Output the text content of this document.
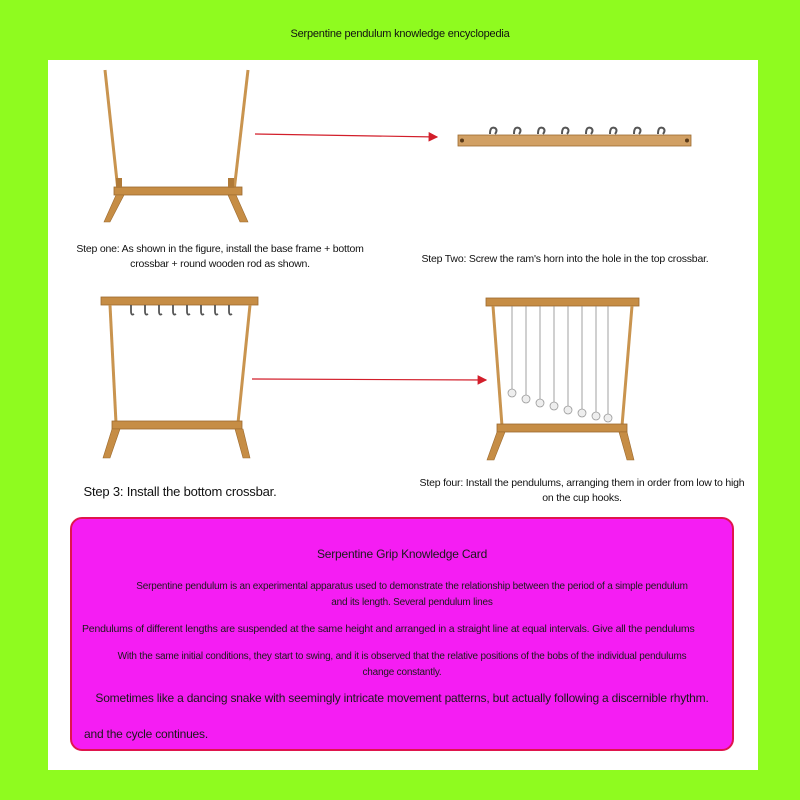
Serpentine pendulum knowledge encyclopedia
Step one: As shown in the figure, install the base frame + bottom crossbar + round wooden rod as shown.	Step Two: Screw the ram's horn into the hole in the top crossbar.
Step 3: Install the bottom crossbar.
Step four: Install the pendulums, arranging them in order from low to high on the cup hooks.

Serpentine Grip Knowledge Card

Serpentine pendulum is an experimental apparatus used to demonstrate the relationship between the period of a simple pendulum and its length. Several pendulum lines

Pendulums of different lengths are suspended at the same height and arranged in a straight line at equal intervals. Give all the pendulums

With the same initial conditions, they start to swing, and it is observed that the relative positions of the bobs of the individual pendulums change constantly.

Sometimes like a dancing snake with seemingly intricate movement patterns, but actually following a discernible rhythm.

and the cycle continues.
